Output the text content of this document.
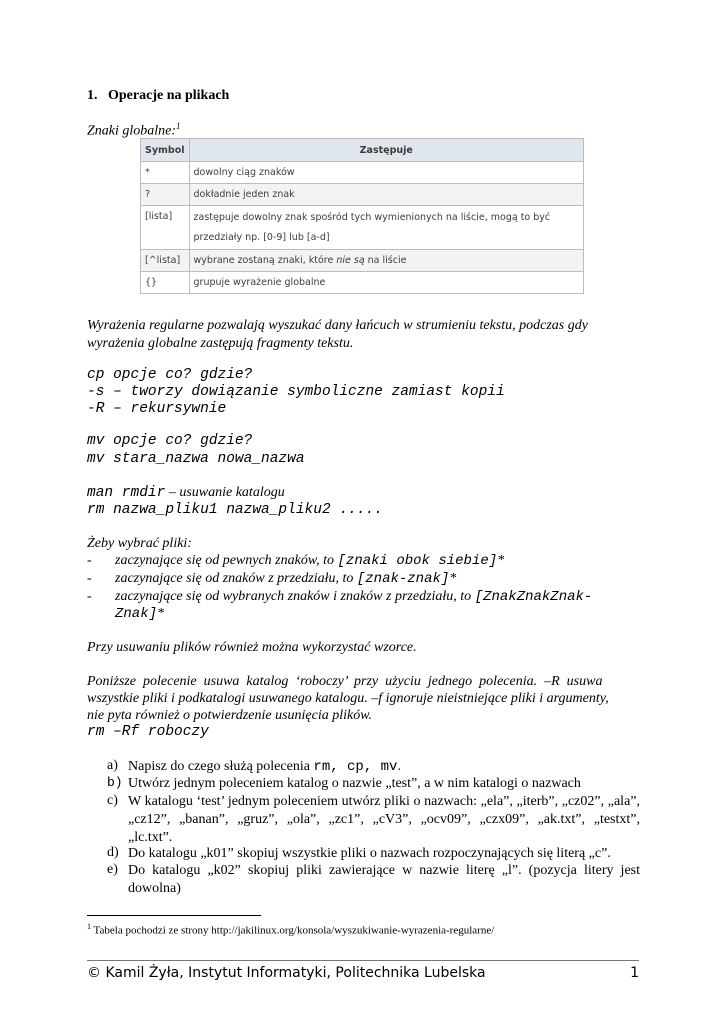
1. Operacje na plikach
Znaki globalne:$^1$
Symbol	Zastępuje
*	dowolny ciąg znaków
?	dokładnie jeden znak
[lista]	zastępuje dowolny znak spośród tych wymienionych na liście, mogą to być
przedziały np. [0-9] lub [a-d]

[^lista]	wybrane zostaną znaki, które nie są na liście
{}	grupuje wyrażenie globalne
Wyrażenia regularne pozwalają wyszukać dany łańcuch w strumieniu tekstu, podczas gdy
wyrażenia globalne zastępują fragmenty tekstu.
cp opcje co? gdzie?
-s – tworzy dowiązanie symboliczne zamiast kopii
-R – rekursywnie
mv opcje co? gdzie?
mv stara_nazwa nowa_nazwa
man rmdir – usuwanie katalogu
rm nazwa_pliku1 nazwa_pliku2 .....
Żeby wybrać pliki:
- zaczynające się od pewnych znaków, to [znaki obok siebie]*
- zaczynające się od znaków z przedziału, to [znak-znak]*
- zaczynające się od wybranych znaków i znaków z przedziału, to [ZnakZnakZnak-
Znak]*
Przy usuwaniu plików również można wykorzystać wzorce.
Poniższe  polecenie  usuwa  katalog  ‘roboczy’  przy  użyciu  jednego  polecenia.  –R  usuwa
wszystkie pliki i podkatalogi usuwanego katalogu. –f ignoruje nieistniejące pliki i argumenty,
nie pyta również o potwierdzenie usunięcia plików.
rm –Rf roboczy
a) Napisz do czego służą polecenia rm, cp, mv.
b) Utwórz jednym poleceniem katalog o nazwie „test”, a w nim katalogi o nazwach
c) W katalogu ‘test’ jednym poleceniem utwórz pliki o nazwach: „ela”, „iterb”, „cz02”, „ala”, „cz12”, „banan”, „gruz”, „ola”, „zc1”, „cV3”, „ocv09”, „czx09”, „ak.txt”, „testxt”, „lc.txt”.
d) Do katalogu „k01” skopiuj wszystkie pliki o nazwach rozpoczynających się literą „c”.
e) Do katalogu „k02” skopiuj pliki zawierające w nazwie literę „l”. (pozycja litery jest dowolna)
$^1$ Tabela pochodzi ze strony http://jakilinux.org/konsola/wyszukiwanie-wyrazenia-regularne/
© Kamil Żyła, Instytut Informatyki, Politechnika Lubelska	1
